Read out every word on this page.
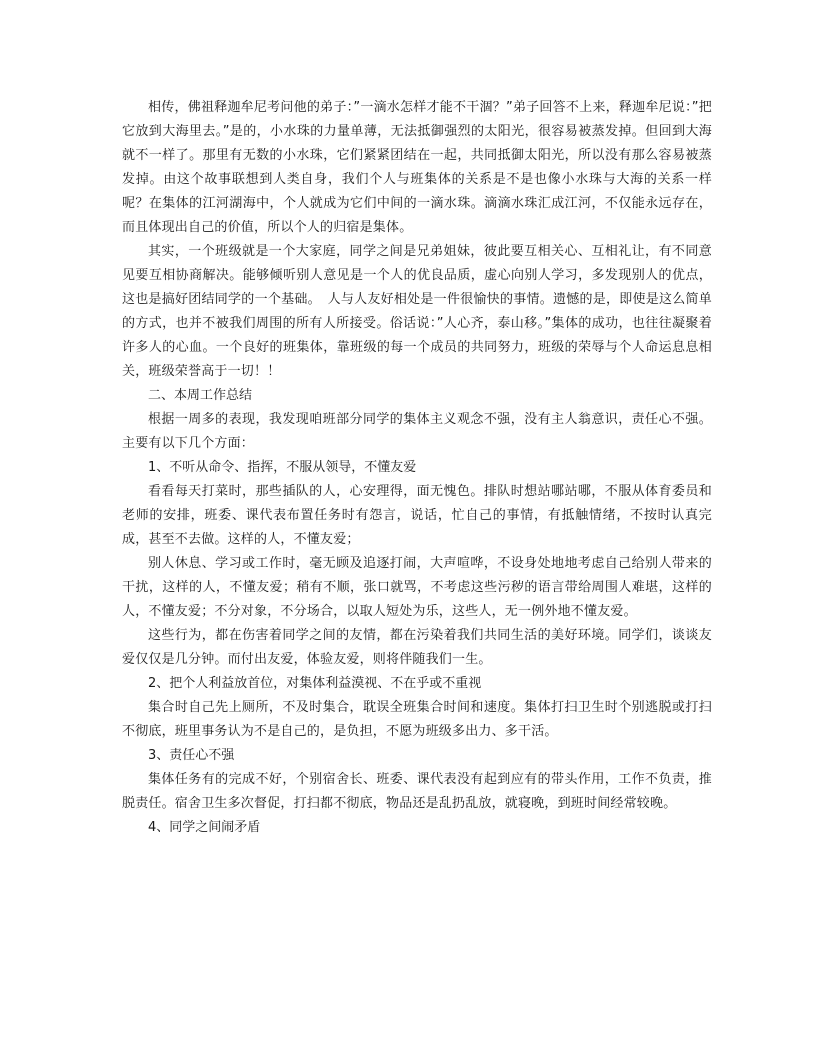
相传，佛祖释迦牟尼考问他的弟子：”一滴水怎样才能不干涸？”弟子回答不上来，释迦牟尼说：”把它放到大海里去。”是的，小水珠的力量单薄，无法抵御强烈的太阳光，很容易被蒸发掉。但回到大海就不一样了。那里有无数的小水珠，它们紧紧团结在一起，共同抵御太阳光，所以没有那么容易被蒸发掉。由这个故事联想到人类自身，我们个人与班集体的关系是不是也像小水珠与大海的关系一样呢？在集体的江河湖海中，个人就成为它们中间的一滴水珠。滴滴水珠汇成江河，不仅能永远存在，而且体现出自己的价值，所以个人的归宿是集体。

其实，一个班级就是一个大家庭，同学之间是兄弟姐妹，彼此要互相关心、互相礼让，有不同意见要互相协商解决。能够倾听别人意见是一个人的优良品质，虚心向别人学习，多发现别人的优点，这也是搞好团结同学的一个基础。　人与人友好相处是一件很愉快的事情。遗憾的是，即使是这么简单的方式，也并不被我们周围的所有人所接受。俗话说：”人心齐，泰山移。”集体的成功，也往往凝聚着许多人的心血。一个良好的班集体，靠班级的每一个成员的共同努力，班级的荣辱与个人命运息息相关，班级荣誉高于一切！！

二、本周工作总结

根据一周多的表现，我发现咱班部分同学的集体主义观念不强，没有主人翁意识，责任心不强。主要有以下几个方面：

1、不听从命令、指挥，不服从领导，不懂友爱

看看每天打菜时，那些插队的人，心安理得，面无愧色。排队时想站哪站哪，不服从体育委员和老师的安排，班委、课代表布置任务时有怨言，说话，忙自己的事情，有抵触情绪，不按时认真完成，甚至不去做。这样的人，不懂友爱；

别人休息、学习或工作时，毫无顾及追逐打闹，大声喧哗，不设身处地地考虑自己给别人带来的干扰，这样的人，不懂友爱；稍有不顺，张口就骂，不考虑这些污秽的语言带给周围人难堪，这样的人，不懂友爱；不分对象，不分场合，以取人短处为乐，这些人，无一例外地不懂友爱。

这些行为，都在伤害着同学之间的友情，都在污染着我们共同生活的美好环境。同学们，谈谈友爱仅仅是几分钟。而付出友爱，体验友爱，则将伴随我们一生。

2、把个人利益放首位，对集体利益漠视、不在乎或不重视

集合时自己先上厕所，不及时集合，耽误全班集合时间和速度。集体打扫卫生时个别逃脱或打扫不彻底，班里事务认为不是自己的，是负担，不愿为班级多出力、多干活。

3、责任心不强

集体任务有的完成不好，个别宿舍长、班委、课代表没有起到应有的带头作用，工作不负责，推脱责任。宿舍卫生多次督促，打扫都不彻底，物品还是乱扔乱放，就寝晚，到班时间经常较晚。

4、同学之间闹矛盾
